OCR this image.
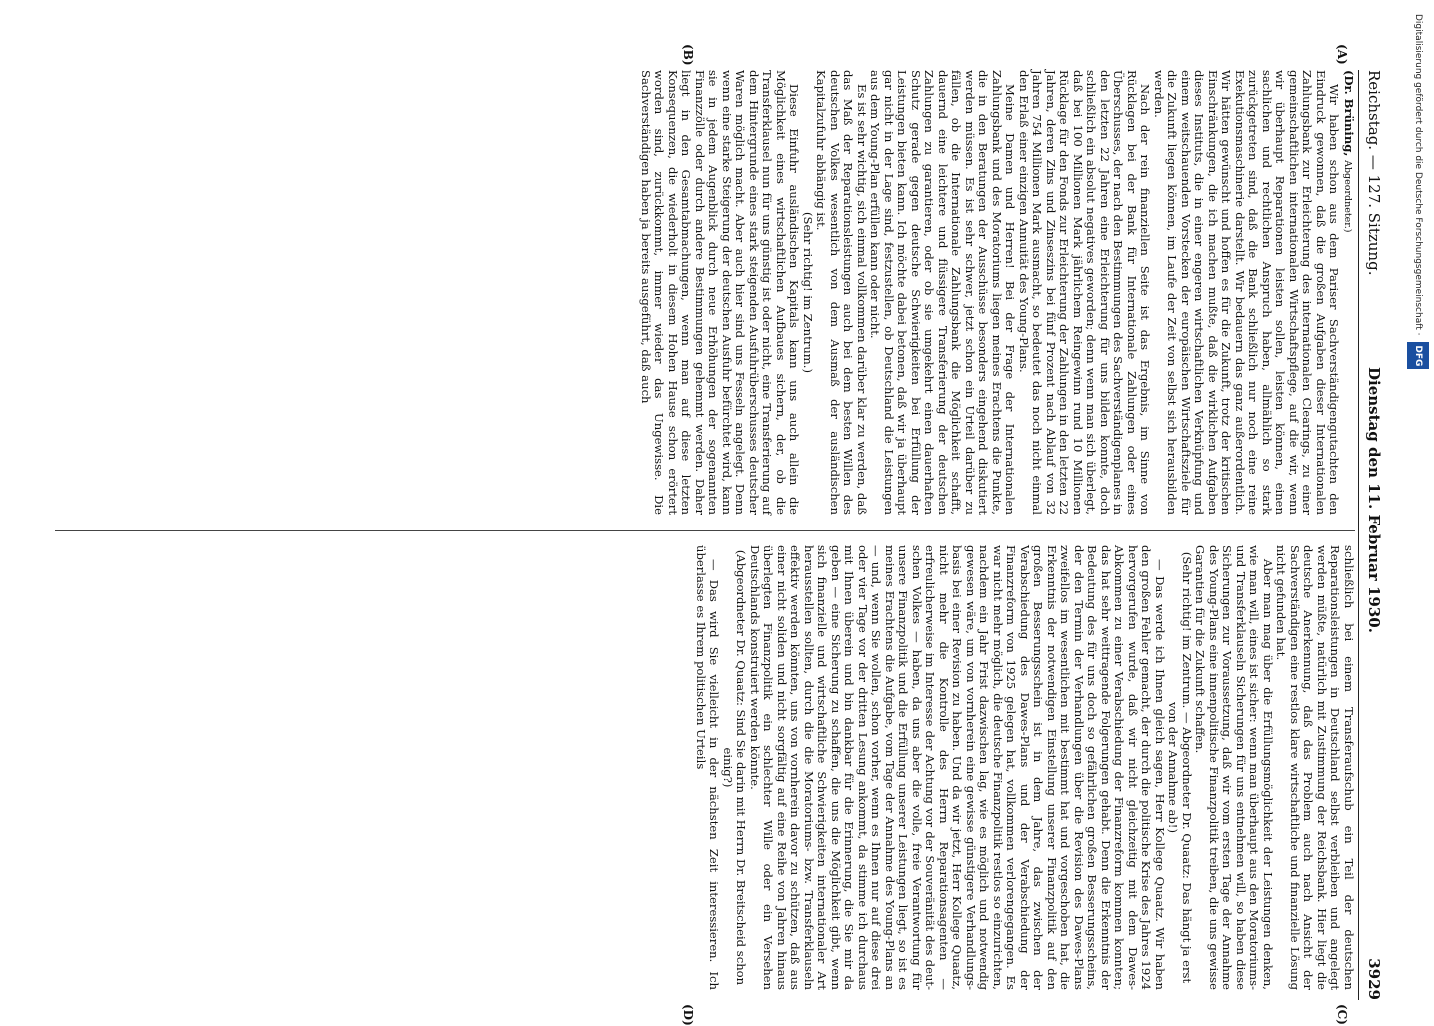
Reichstag. — 127. Sitzung.
Dienstag den 11. Februar 1930.
3929

(Dr. Brüning, Abgeordneter.)

Wir haben schon aus dem Pariser Sachverständigengutachten den Eindruck gewonnen, daß die großen Aufgaben dieser Internationalen Zahlungsbank zur Erleichterung des internationalen Clearings, zu einer gemeinschaftlichen internationalen Wirtschaftspflege, auf die wir, wenn wir überhaupt Reparationen leisten sollen, leisten können, einen sachlichen und rechtlichen Anspruch haben, allmählich so stark zurückgetreten sind, daß die Bank schließlich nur noch eine reine Exekutionsmaschinerie darstellt. Wir bedauern das ganz außerordentlich. Wir hätten gewünscht und hoffen es für die Zukunft, trotz der kritischen Einschränkungen, die ich machen mußte, daß die wirklichen Aufgaben dieses Instituts, die in einer engeren wirtschaftlichen Verknüpfung und einem weitschauenden Vorstecken der europäischen Wirtschaftsziele für die Zukunft liegen können, im Laufe der Zeit von selbst sich herausbilden werden.

Nach der rein finanziellen Seite ist das Ergebnis, im Sinne von Rücklagen bei der Bank für Internationale Zahlungen oder eines Überschusses, der nach den Bestimmungen des Sachverständigenplanes in den letzten 22 Jahren eine Erleichterung für uns bilden konnte, doch schließlich ein absolut negatives geworden; denn wenn man sich überlegt, daß bei 100 Millionen Mark jährlichem Reingewinn rund 10 Millionen Rücklage für den Fonds zur Erleichterung der Zahlungen in den letzten 22 Jahren, deren Zins und Zinseszins bei fünf Prozent nach Ablauf von 32 Jahren 754 Millionen Mark ausmacht, so bedeutet das noch nicht einmal den Erlaß einer einzigen Annuität des Young-Plans.

Meine Damen und Herren! Bei der Frage der Internationalen Zahlungsbank und des Moratoriums liegen meines Erachtens die Punkte, die in den Beratungen der Ausschüsse besonders eingehend diskutiert werden müssen. Es ist sehr schwer, jetzt schon ein Urteil darüber zu fällen, ob die Internationale Zahlungsbank die Möglichkeit schafft, dauernd eine leichtere und flüssigere Transferierung der deutschen Zahlungen zu garantieren, oder ob sie umgekehrt einen dauerhaften Schutz gerade gegen deutsche Schwierigkeiten bei Erfüllung der Leistungen bieten kann. Ich möchte dabei betonen, daß wir ja überhaupt gar nicht in der Lage sind, festzustellen, ob Deutschland die Leistungen aus dem Young-Plan erfüllen kann oder nicht.

Es ist sehr wichtig, sich einmal vollkommen darüber klar zu werden, daß das Maß der Reparationsleistungen auch bei dem besten Willen des deutschen Volkes wesentlich von dem Ausmaß der ausländischen Kapitalzufuhr abhängig ist.

(Sehr richtig! im Zentrum.)

Diese Einfuhr ausländischen Kapitals kann uns auch allein die Möglichkeit eines wirtschaftlichen Aufbaues sichern, der, ob die Transferklausel nun für uns günstig ist oder nicht, eine Transferierung auf dem Hintergrunde eines stark steigenden Ausfuhrüberschusses deutscher Waren möglich macht. Aber auch hier sind uns Fesseln angelegt. Denn wenn eine starke Steigerung der deutschen Ausfuhr befürchtet wird, kann sie in jedem Augenblick durch neue Erhöhungen der sogenannten Finanzzölle oder durch andere Bestimmungen gehemmt werden. Daher liegt in den Gesamtabmachungen, wenn man auf diese letzten Konsequenzen, die wiederholt in diesem Hohen Hause schon erörtert worden sind, zurückkommt, immer wieder das Ungewisse. Die Sachverständigen haben ja bereits ausgeführt, daß auch

schließlich bei einem Transferaufschub ein Teil der deutschen Reparationsleistungen in Deutschland selbst verbleiben und angelegt werden müßte, natürlich mit Zustimmung der Reichsbank. Hier liegt die deutsche Anerkennung, daß das Problem auch nach Ansicht der Sachverständigen eine restlos klare wirtschaftliche und finanzielle Lösung nicht gefunden hat.

Aber man mag über die Erfüllungsmöglichkeit der Leistungen denken, wie man will, eines ist sicher: wenn man überhaupt aus den Moratoriums- und Transferklauseln Sicherungen für uns entnehmen will, so haben diese Sicherungen zur Voraussetzung, daß wir vom ersten Tage der Annahme des Young-Plans eine innenpolitische Finanzpolitik treiben, die uns gewisse Garantien für die Zukunft schaffen.

(Sehr richtig! im Zentrum. — Abgeordneter Dr. Quaatz: Das hängt ja erst von der Annahme ab!)

— Das werde ich Ihnen gleich sagen, Herr Kollege Quaatz. Wir haben den großen Fehler gemacht, der durch die politische Krise des Jahres 1924 hervorgerufen wurde, daß wir nicht gleichzeitig mit dem Dawes-Abkommen zu einer Verabschiedung der Finanzreform kommen konnten; das hat sehr weittragende Folgerungen gehabt. Denn die Erkenntnis der Bedeutung des für uns doch so gefährlichen großen Besserungsscheins, der den Termin der Verhandlungen über die Revision des Dawes-Plans zweifellos im wesentlichen mit bestimmt hat und vorgeschoben hat, die Erkenntnis der notwendigen Einstellung unserer Finanzpolitik auf den großen Besserungsschein ist in dem Jahre, das zwischen der Verabschiedung des Dawes-Plans und der Verabschiedung der Finanzreform von 1925 gelegen hat, vollkommen verlorengegangen. Es war nicht mehr möglich, die deutsche Finanzpolitik restlos so einzurichten, nachdem ein Jahr Frist dazwischen lag, wie es möglich und notwendig gewesen wäre, um von vornherein eine gewisse günstigere Verhandlungsbasis bei einer Revision zu haben. Und da wir jetzt, Herr Kollege Quaatz, nicht mehr die Kontrolle des Herrn Reparationsagenten — erfreulicherweise im Interesse der Achtung vor der Souveränität des deutschen Volkes — haben, da uns aber die volle, freie Verantwortung für unsere Finanzpolitik und die Erfüllung unserer Leistungen liegt, so ist es meines Erachtens die Aufgabe, vom Tage der Annahme des Young-Plans an — und, wenn Sie wollen, schon vorher, wenn es Ihnen nur auf diese drei oder vier Tage vor der dritten Lesung ankommt, da stimme ich durchaus mit Ihnen überein und bin dankbar für die Erinnerung, die Sie mir da geben — eine Sicherung zu schaffen, die uns die Möglichkeit gibt, wenn sich finanzielle und wirtschaftliche Schwierigkeiten internationaler Art herausstellen sollten, durch die die Moratoriums- bzw. Transferklauseln effektiv werden könnten, uns von vornherein davor zu schützen, daß aus einer nicht soliden und nicht sorgfältig auf eine Reihe von Jahren hinaus überlegten Finanzpolitik ein schlechter Wille oder ein Versehen Deutschlands konstruiert werden könnte.

(Abgeordneter Dr. Quaatz: Sind Sie darin mit Herrn Dr. Breitscheid schon einig?)

— Das wird Sie vielleicht in der nächsten Zeit interessieren. Ich überlasse es Ihrem politischen Urteils

(A)
(B)
(C)
(D)
Digitalisierung gefördert durch die Deutsche Forschungsgemeinschaft · DFG
